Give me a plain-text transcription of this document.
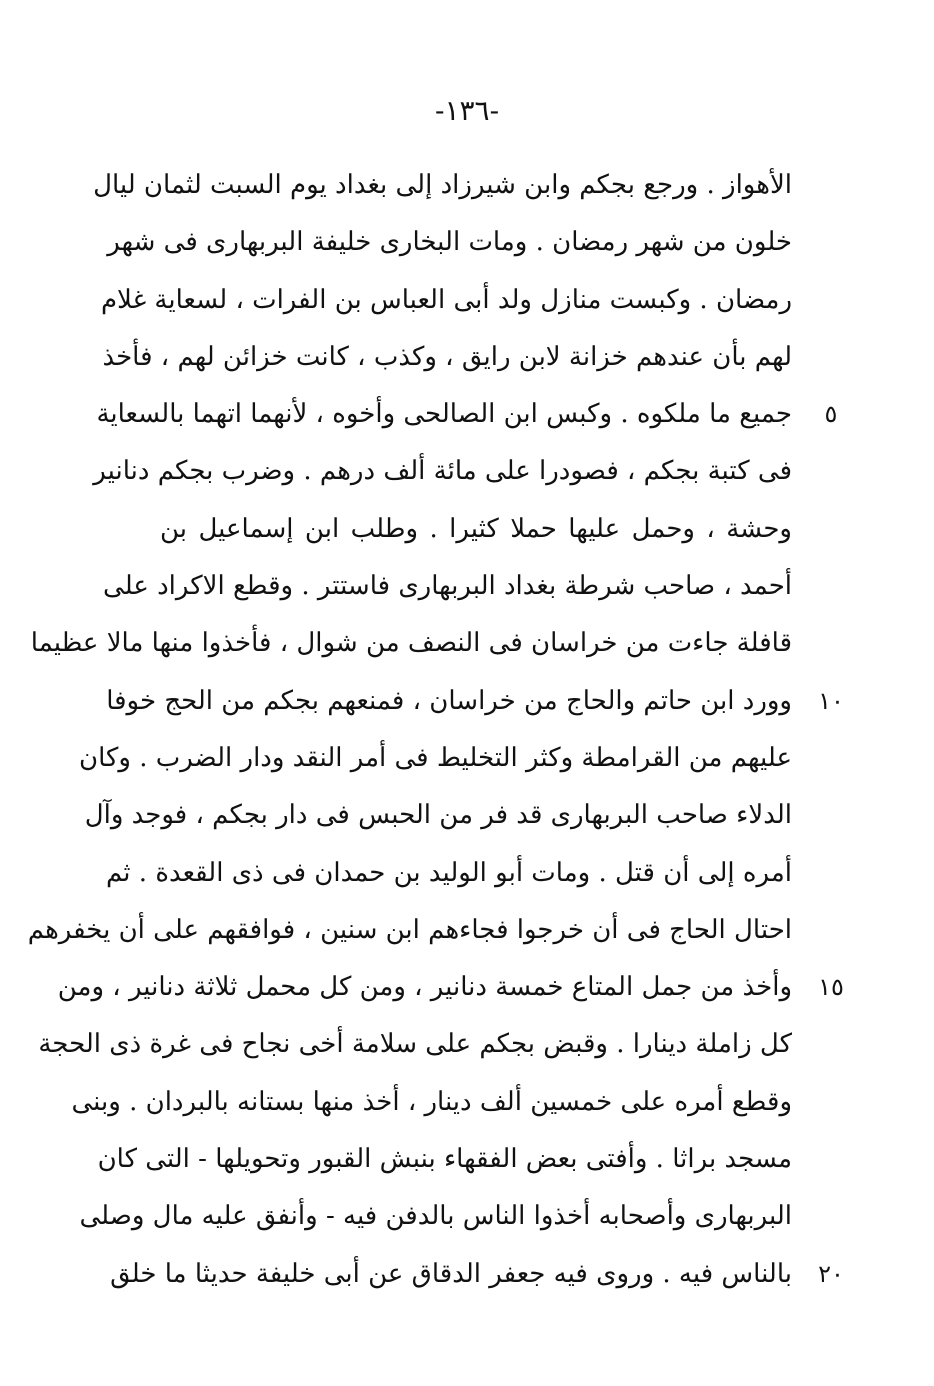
-١٣٦-
الأهواز . ورجع بجكم وابن شيرزاد إلى بغداد يوم السبت لثمان ليال
خلون من شهر رمضان . ومات البخارى خليفة البربهارى فى شهر
رمضان . وكبست منازل ولد أبى العباس بن الفرات ، لسعاية غلام
لهم بأن عندهم خزانة لابن رايق ، وكذب ، كانت خزائن لهم ، فأخذ
جميع ما ملكوه . وكبس ابن الصالحى وأخوه ، لأنهما اتهما بالسعاية
فى كتبة بجكم ، فصودرا على مائة ألف درهم . وضرب بجكم دنانير
وحشة ، وحمل عليها حملا كثيرا . وطلب ابن إسماعيل بن
أحمد ، صاحب شرطة بغداد البربهارى فاستتر . وقطع الاكراد على
قافلة جاءت من خراسان فى النصف من شوال ، فأخذوا منها مالا عظيما
وورد ابن حاتم والحاج من خراسان ، فمنعهم بجكم من الحج خوفا
عليهم من القرامطة وكثر التخليط فى أمر النقد ودار الضرب . وكان
الدلاء صاحب البربهارى قد فر من الحبس فى دار بجكم ، فوجد وآل
أمره إلى أن قتل . ومات أبو الوليد بن حمدان فى ذى القعدة . ثم
احتال الحاج فى أن خرجوا فجاءهم ابن سنين ، فوافقهم على أن يخفرهم
وأخذ من جمل المتاع خمسة دنانير ، ومن كل محمل ثلاثة دنانير ، ومن
كل زاملة دينارا . وقبض بجكم على سلامة أخى نجاح فى غرة ذى الحجة
وقطع أمره على خمسين ألف دينار ، أخذ منها بستانه بالبردان . وبنى
مسجد براثا . وأفتى بعض الفقهاء بنبش القبور وتحويلها - التى كان
البربهارى وأصحابه أخذوا الناس بالدفن فيه - وأنفق عليه مال وصلى
بالناس فيه . وروى فيه جعفر الدقاق عن أبى خليفة حديثا ما خلق
٥
١٠
١٥
٢٠
